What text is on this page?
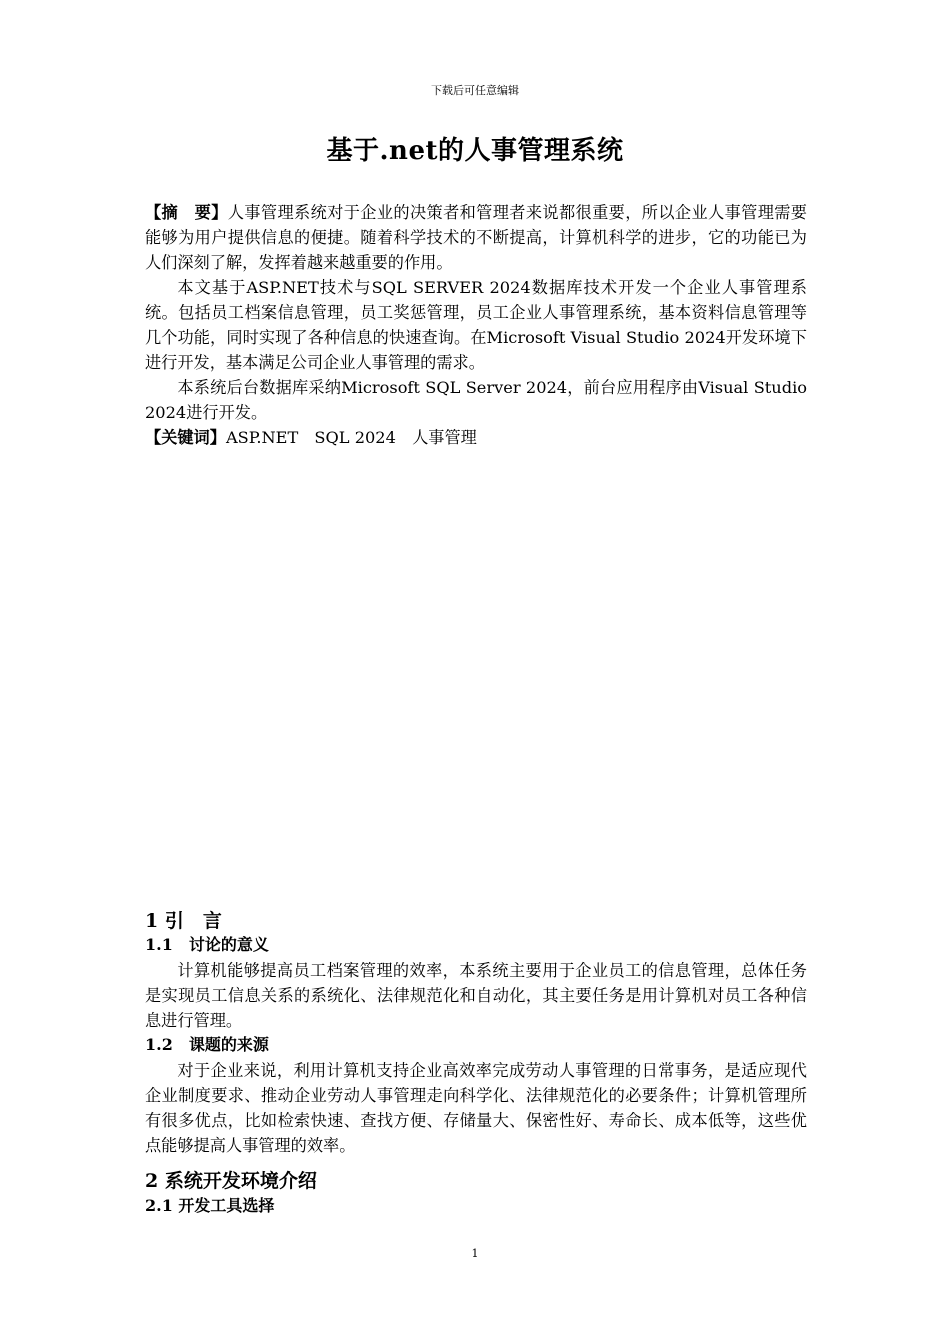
下载后可任意编辑
基于.net的人事管理系统

【摘　要】人事管理系统对于企业的决策者和管理者来说都很重要，所以企业人事管理需要能够为用户提供信息的便捷。随着科学技术的不断提高，计算机科学的进步，它的功能已为人们深刻了解，发挥着越来越重要的作用。

本文基于ASP.NET技术与SQL SERVER 2024数据库技术开发一个企业人事管理系统。包括员工档案信息管理，员工奖惩管理，员工企业人事管理系统，基本资料信息管理等几个功能，同时实现了各种信息的快速查询。在Microsoft Visual Studio 2024开发环境下进行开发，基本满足公司企业人事管理的需求。

本系统后台数据库采纳Microsoft SQL Server 2024，前台应用程序由Visual Studio 2024进行开发。

【关键词】ASP.NET　SQL 2024　人事管理

1 引　言
1.1　讨论的意义

计算机能够提高员工档案管理的效率，本系统主要用于企业员工的信息管理，总体任务是实现员工信息关系的系统化、法律规范化和自动化，其主要任务是用计算机对员工各种信息进行管理。

1.2　课题的来源

对于企业来说，利用计算机支持企业高效率完成劳动人事管理的日常事务，是适应现代企业制度要求、推动企业劳动人事管理走向科学化、法律规范化的必要条件；计算机管理所有很多优点，比如检索快速、查找方便、存储量大、保密性好、寿命长、成本低等，这些优点能够提高人事管理的效率。

2 系统开发环境介绍
2.1 开发工具选择
1
